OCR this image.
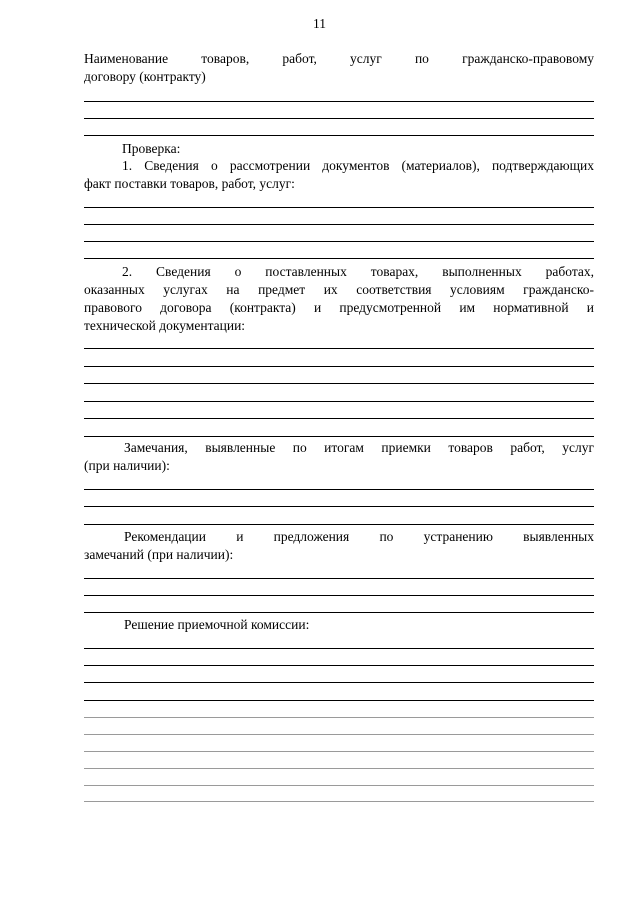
11
Наименование товаров, работ, услуг по гражданско-правовому
договору (контракту)
Проверка:
1. Сведения о рассмотрении документов (материалов), подтверждающих
факт поставки товаров, работ, услуг:
2. Сведения о поставленных товарах, выполненных работах,
оказанных услугах на предмет их соответствия условиям гражданско-
правового договора (контракта) и предусмотренной им нормативной и
технической документации:
Замечания, выявленные по итогам приемки товаров работ, услуг
(при наличии):
Рекомендации и предложения по устранению выявленных
замечаний (при наличии):
Решение приемочной комиссии:
